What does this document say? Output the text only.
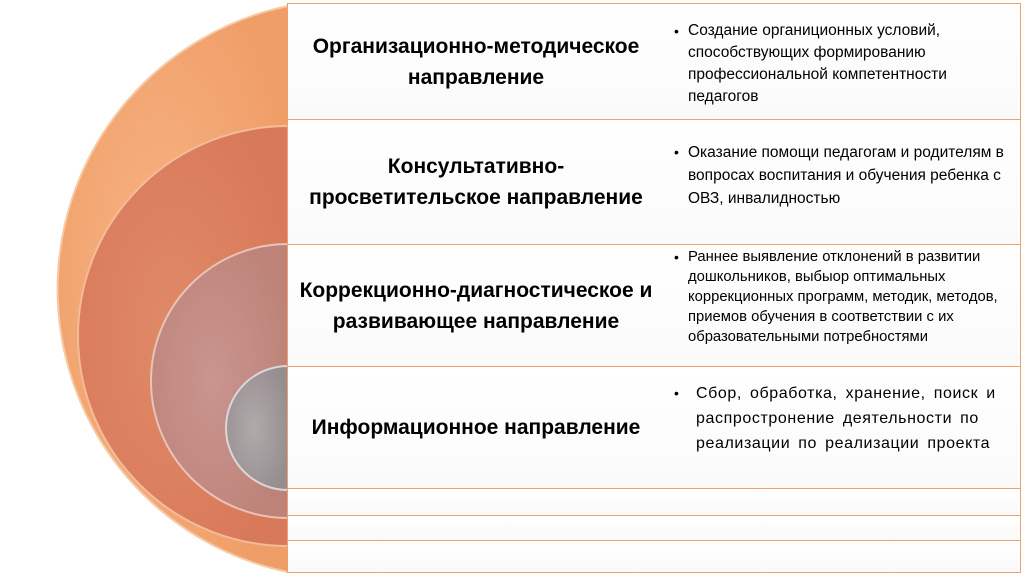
Организационно-методическое направление
• Создание органиционных условий, способствующих формированию профессиональной компетентности педагогов
Консультативно-просветительское направление
• Оказание помощи педагогам и родителям в вопросах воспитания и обучения ребенка с ОВЗ, инвалидностью
Коррекционно-диагностическое и развивающее направление
• Раннее выявление отклонений в развитии дошкольников, выбыор оптимальных коррекционных программ, методик, методов, приемов обучения в соответствии с их образовательными потребностями
Информационное направление
•	Сбор, обработка, хранение, поиск и распростронение деятельности по реализации по реализации проекта
